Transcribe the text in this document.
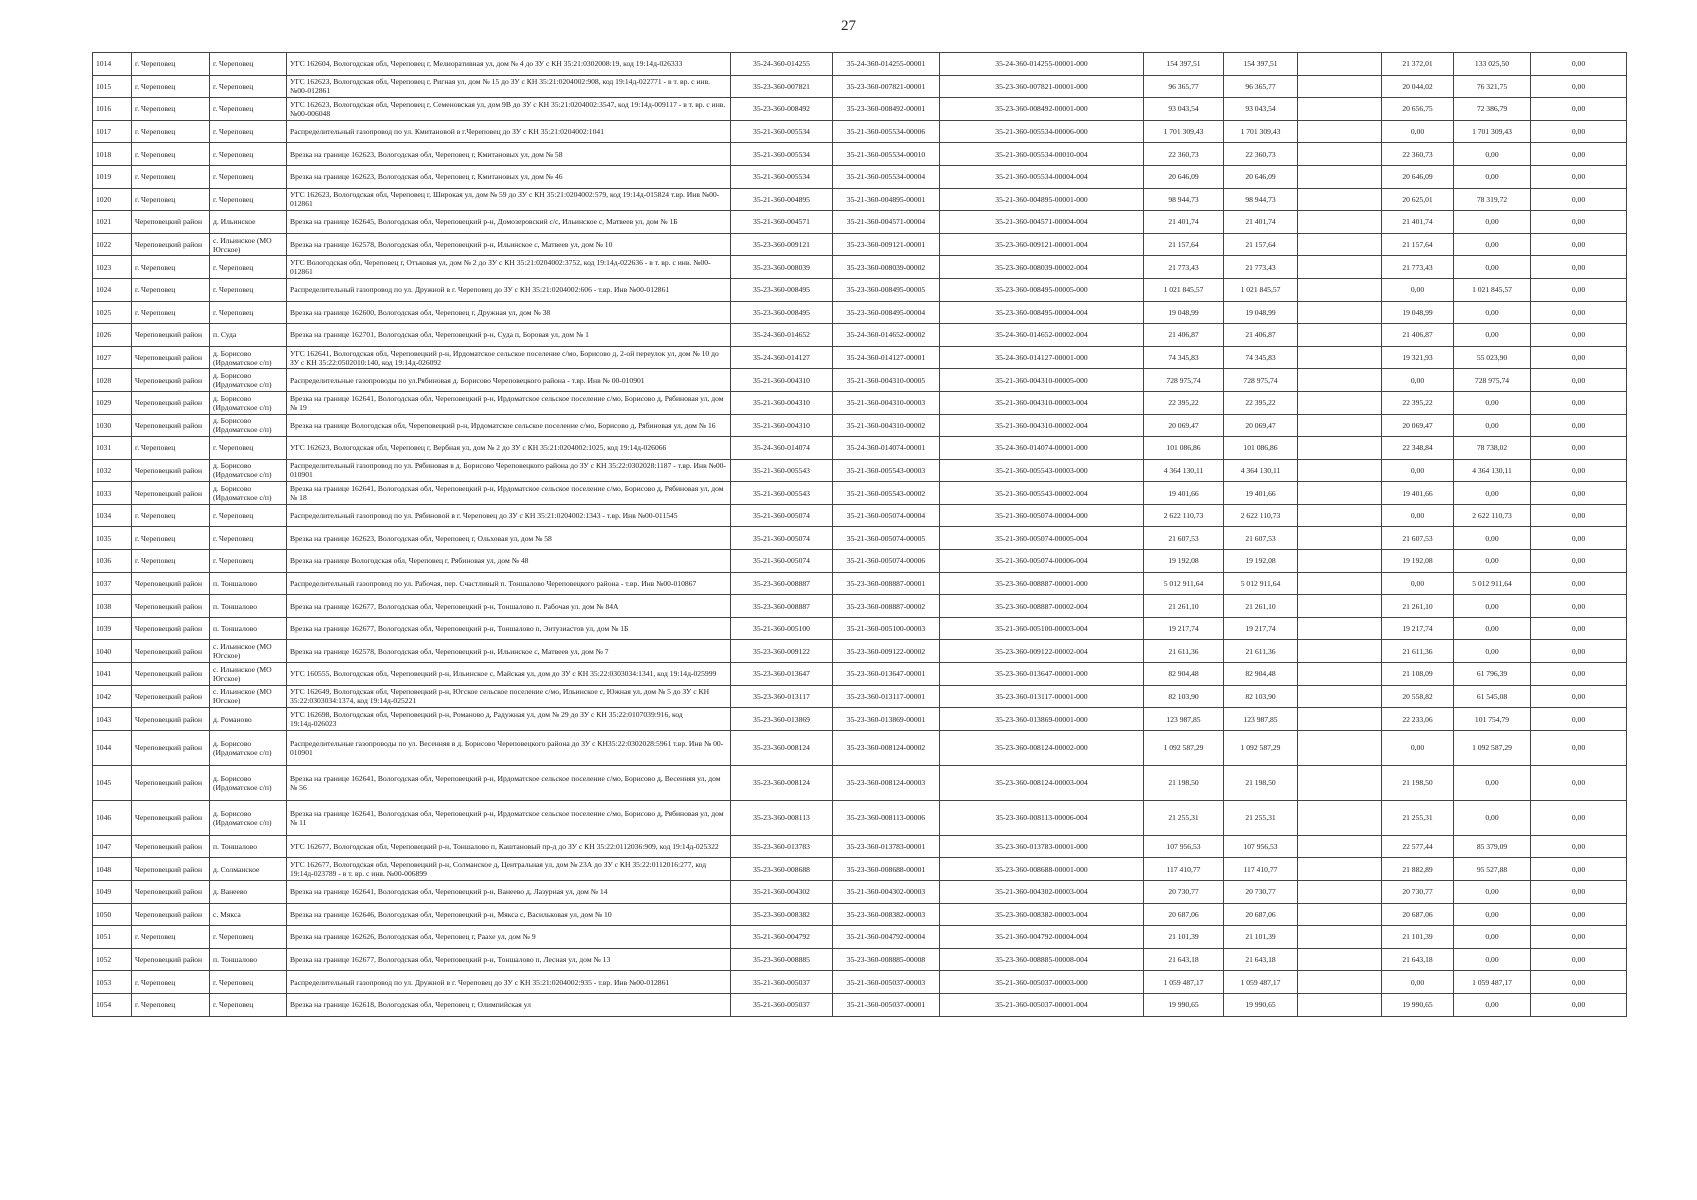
27
1014	г. Череповец	г. Череповец	УГС 162604, Вологодская обл, Череповец г, Мелиоративная ул, дом № 4 до ЗУ с КН 35:21:0302008:19, код 19:14д-026333	35-24-360-014255	35-24-360-014255-00001	35-24-360-014255-00001-000	154 397,51	154 397,51		21 372,01	133 025,50	0,00
1015	г. Череповец	г. Череповец	УГС 162623, Вологодская обл, Череповец г, Ригная ул, дом № 15 до ЗУ с КН 35:21:0204002:908, код 19:14д-022771 - в т. вр. с инв. №00-012861	35-23-360-007821	35-23-360-007821-00001	35-23-360-007821-00001-000	96 365,77	96 365,77		20 044,02	76 321,75	0,00
1016	г. Череповец	г. Череповец	УГС 162623, Вологодская обл, Череповец г, Семеновская ул, дом 9В до ЗУ с КН 35:21:0204002:3547, код 19:14д-009117 - в т. вр. с инв. №00-006048	35-23-360-008492	35-23-360-008492-00001	35-23-360-008492-00001-000	93 043,54	93 043,54		20 656,75	72 386,79	0,00
1017	г. Череповец	г. Череповец	Распределительный газопровод по ул. Кмитановой в г.Череповец до ЗУ с КН 35:21:0204002:1041	35-21-360-005534	35-21-360-005534-00006	35-21-360-005534-00006-000	1 701 309,43	1 701 309,43		0,00	1 701 309,43	0,00
1018	г. Череповец	г. Череповец	Врезка на границе 162623, Вологодская обл, Череповец г, Кмитановых ул, дом № 58	35-21-360-005534	35-21-360-005534-00010	35-21-360-005534-00010-004	22 360,73	22 360,73		22 360,73	0,00	0,00
1019	г. Череповец	г. Череповец	Врезка на границе 162623, Вологодская обл, Череповец г, Кмитановых ул, дом № 46	35-21-360-005534	35-21-360-005534-00004	35-21-360-005534-00004-004	20 646,09	20 646,09		20 646,09	0,00	0,00
1020	г. Череповец	г. Череповец	УГС 162623, Вологодская обл, Череповец г, Широкая ул, дом № 59 до ЗУ с КН 35:21:0204002:579, код 19:14д-015824 т.вр. Инв №00-012861	35-21-360-004895	35-21-360-004895-00001	35-21-360-004895-00001-000	98 944,73	98 944,73		20 625,01	78 319,72	0,00
1021	Череповецкий район	д. Ильинское	Врезка на границе 162645, Вологодская обл, Череповецкий р-н, Домозеровский с/с, Ильинское с, Матвеев ул, дом № 1Б	35-21-360-004571	35-21-360-004571-00004	35-21-360-004571-00004-004	21 401,74	21 401,74		21 401,74	0,00	0,00
1022	Череповецкий район	с. Ильинское (МО Югское)	Врезка на границе 162578, Вологодская обл, Череповецкий р-н, Ильинское с, Матвеев ул, дом № 10	35-23-360-009121	35-23-360-009121-00001	35-23-360-009121-00001-004	21 157,64	21 157,64		21 157,64	0,00	0,00
1023	г. Череповец	г. Череповец	УГС Вологодская обл, Череповец г, Отъковая ул, дом № 2 до ЗУ с КН 35:21:0204002:3752, код 19:14д-022636 - в т. вр. с инв. №00-012861	35-23-360-008039	35-23-360-008039-00002	35-23-360-008039-00002-004	21 773,43	21 773,43		21 773,43	0,00	0,00
1024	г. Череповец	г. Череповец	Распределительный газопровод по ул. Дружной в г. Череповец до ЗУ с КН 35:21:0204002:606 - т.вр. Инв №00-012861	35-23-360-008495	35-23-360-008495-00005	35-23-360-008495-00005-000	1 021 845,57	1 021 845,57		0,00	1 021 845,57	0,00
1025	г. Череповец	г. Череповец	Врезка на границе 162600, Вологодская обл, Череповец г, Дружная ул, дом № 38	35-23-360-008495	35-23-360-008495-00004	35-23-360-008495-00004-004	19 048,99	19 048,99		19 048,99	0,00	0,00
1026	Череповецкий район	п. Суда	Врезка на границе 162701, Вологодская обл, Череповецкий р-н, Суда п, Боровая ул, дом № 1	35-24-360-014652	35-24-360-014652-00002	35-24-360-014652-00002-004	21 406,87	21 406,87		21 406,87	0,00	0,00
1027	Череповецкий район	д. Борисово (Ирдоматское с/п)	УГС 162641, Вологодская обл, Череповецкий р-н, Ирдоматское сельское поселение с/мо, Борисово д, 2-ой переулок ул, дом № 10 до ЗУ с КН 35:22:0502010:140, код 19:14д-026092	35-24-360-014127	35-24-360-014127-00001	35-24-360-014127-00001-000	74 345,83	74 345,83		19 321,93	55 023,90	0,00
1028	Череповецкий район	д. Борисово (Ирдоматское с/п)	Распределительные газопроводы по ул.Рябиновая д. Борисово Череповецкого района - т.вр. Инв № 00-010901	35-21-360-004310	35-21-360-004310-00005	35-21-360-004310-00005-000	728 975,74	728 975,74		0,00	728 975,74	0,00
1029	Череповецкий район	д. Борисово (Ирдоматское с/п)	Врезка на границе 162641, Вологодская обл, Череповецкий р-н, Ирдоматское сельское поселение с/мо, Борисово д, Рябиновая ул, дом № 19	35-21-360-004310	35-21-360-004310-00003	35-21-360-004310-00003-004	22 395,22	22 395,22		22 395,22	0,00	0,00
1030	Череповецкий район	д. Борисово (Ирдоматское с/п)	Врезка на границе Вологодская обл, Череповецкий р-н, Ирдоматское сельское поселение с/мо, Борисово д, Рябиновая ул, дом № 16	35-21-360-004310	35-21-360-004310-00002	35-21-360-004310-00002-004	20 069,47	20 069,47		20 069,47	0,00	0,00
1031	г. Череповец	г. Череповец	УГС 162623, Вологодская обл, Череповец г, Вербная ул, дом № 2 до ЗУ с КН 35:21:0204002:1025, код 19:14д-026066	35-24-360-014074	35-24-360-014074-00001	35-24-360-014074-00001-000	101 086,86	101 086,86		22 348,84	78 738,02	0,00
1032	Череповецкий район	д. Борисово (Ирдоматское с/п)	Распределительный газопровод по ул. Рябиновая в д. Борисово Череповецкого района до ЗУ с КН 35:22:0302028:1187 - т.вр. Инв №00-010901	35-21-360-005543	35-21-360-005543-00003	35-21-360-005543-00003-000	4 364 130,11	4 364 130,11		0,00	4 364 130,11	0,00
1033	Череповецкий район	д. Борисово (Ирдоматское с/п)	Врезка на границе 162641, Вологодская обл, Череповецкий р-н, Ирдоматское сельское поселение с/мо, Борисово д, Рябиновая ул, дом № 18	35-21-360-005543	35-21-360-005543-00002	35-21-360-005543-00002-004	19 401,66	19 401,66		19 401,66	0,00	0,00
1034	г. Череповец	г. Череповец	Распределительный газопровод по ул. Рябиновой в г. Череповец до ЗУ с КН 35:21:0204002:1343 - т.вр. Инв №00-011545	35-21-360-005074	35-21-360-005074-00004	35-21-360-005074-00004-000	2 622 110,73	2 622 110,73		0,00	2 622 110,73	0,00
1035	г. Череповец	г. Череповец	Врезка на границе 162623, Вологодская обл, Череповец г, Ольховая ул, дом № 58	35-21-360-005074	35-21-360-005074-00005	35-21-360-005074-00005-004	21 607,53	21 607,53		21 607,53	0,00	0,00
1036	г. Череповец	г. Череповец	Врезка на границе Вологодская обл, Череповец г, Рябиновая ул, дом № 48	35-21-360-005074	35-21-360-005074-00006	35-21-360-005074-00006-004	19 192,08	19 192,08		19 192,08	0,00	0,00
1037	Череповецкий район	п. Тоншалово	Распределительный газопровод по ул. Рабочая, пер. Счастливый п. Тоншалово Череповецкого района - т.вр. Инв №00-010867	35-23-360-008887	35-23-360-008887-00001	35-23-360-008887-00001-000	5 012 911,64	5 012 911,64		0,00	5 012 911,64	0,00
1038	Череповецкий район	п. Тоншалово	Врезка на границе 162677, Вологодская обл, Череповецкий р-н, Тоншалово п. Рабочая ул. дом № 84А	35-23-360-008887	35-23-360-008887-00002	35-23-360-008887-00002-004	21 261,10	21 261,10		21 261,10	0,00	0,00
1039	Череповецкий район	п. Тоншалово	Врезка на границе 162677, Вологодская обл, Череповецкий р-н, Тоншалово п, Энтузиастов ул, дом № 1Б	35-21-360-005100	35-21-360-005100-00003	35-21-360-005100-00003-004	19 217,74	19 217,74		19 217,74	0,00	0,00
1040	Череповецкий район	с. Ильинское (МО Югское)	Врезка на границе 162578, Вологодская обл, Череповецкий р-н, Ильинское с, Матвеев ул, дом № 7	35-23-360-009122	35-23-360-009122-00002	35-23-360-009122-00002-004	21 611,36	21 611,36		21 611,36	0,00	0,00
1041	Череповецкий район	с. Ильинское (МО Югское)	УГС 160555, Вологодская обл, Череповецкий р-н, Ильинское с, Майская ул, дом до ЗУ с КН 35:22:0303034:1341, код 19:14д-025999	35-23-360-013647	35-23-360-013647-00001	35-23-360-013647-00001-000	82 904,48	82 904,48		21 108,09	61 796,39	0,00
1042	Череповецкий район	с. Ильинское (МО Югское)	УГС 162649, Вологодская обл, Череповецкий р-н, Югское сельское поселение с/мо, Ильинское с, Южная ул, дом № 5 до ЗУ с КН 35:22:0303034:1374, код 19:14д-025221	35-23-360-013117	35-23-360-013117-00001	35-23-360-013117-00001-000	82 103,90	82 103,90		20 558,82	61 545,08	0,00
1043	Череповецкий район	д. Романово	УГС 162698, Вологодская обл, Череповецкий р-н, Романово д, Радужная ул, дом № 29 до ЗУ с КН 35:22:0107039:916, код 19:14д-026023	35-23-360-013869	35-23-360-013869-00001	35-23-360-013869-00001-000	123 987,85	123 987,85		22 233,06	101 754,79	0,00
1044	Череповецкий район	д. Борисово (Ирдоматское с/п)	Распределительные газопроводы по ул. Весенняя в д. Борисово Череповецкого района до ЗУ с КН35:22:0302028:5961 т.вр. Инв № 00-010901	35-23-360-008124	35-23-360-008124-00002	35-23-360-008124-00002-000	1 092 587,29	1 092 587,29		0,00	1 092 587,29	0,00
1045	Череповецкий район	д. Борисово (Ирдоматское с/п)	Врезка на границе 162641, Вологодская обл, Череповецкий р-н, Ирдоматское сельское поселение с/мо, Борисово д, Весенняя ул, дом № 56	35-23-360-008124	35-23-360-008124-00003	35-23-360-008124-00003-004	21 198,50	21 198,50		21 198,50	0,00	0,00
1046	Череповецкий район	д. Борисово (Ирдоматское с/п)	Врезка на границе 162641, Вологодская обл, Череповецкий р-н, Ирдоматское сельское поселение с/мо, Борисово д, Рябиновая ул, дом № 11	35-23-360-008113	35-23-360-008113-00006	35-23-360-008113-00006-004	21 255,31	21 255,31		21 255,31	0,00	0,00
1047	Череповецкий район	п. Тоншалово	УГС 162677, Вологодская обл, Череповецкий р-н, Тоншалово п, Каштановый пр-д до ЗУ с КН 35:22:0112036:909, код 19:14д-025322	35-23-360-013783	35-23-360-013783-00001	35-23-360-013783-00001-000	107 956,53	107 956,53		22 577,44	85 379,09	0,00
1048	Череповецкий район	д. Солманское	УГС 162677, Вологодская обл, Череповецкий р-н, Солманское д, Центральная ул, дом № 23А до ЗУ с КН 35:22:0112016:277, код 19:14д-023789 - в т. вр. с инв. №00-006899	35-23-360-008688	35-23-360-008688-00001	35-23-360-008688-00001-000	117 410,77	117 410,77		21 882,89	95 527,88	0,00
1049	Череповецкий район	д. Ванеево	Врезка на границе 162641, Вологодская обл, Череповецкий р-н, Ванеево д, Лазурная ул, дом № 14	35-21-360-004302	35-21-360-004302-00003	35-21-360-004302-00003-004	20 730,77	20 730,77		20 730,77	0,00	0,00
1050	Череповецкий район	с. Мякса	Врезка на границе 162646, Вологодская обл, Череповецкий р-н, Мякса с, Васильковая ул, дом № 10	35-23-360-008382	35-23-360-008382-00003	35-23-360-008382-00003-004	20 687,06	20 687,06		20 687,06	0,00	0,00
1051	г. Череповец	г. Череповец	Врезка на границе 162626, Вологодская обл, Череповец г, Раахе ул, дом № 9	35-21-360-004792	35-21-360-004792-00004	35-21-360-004792-00004-004	21 101,39	21 101,39		21 101,39	0,00	0,00
1052	Череповецкий район	п. Тоншалово	Врезка на границе 162677, Вологодская обл, Череповецкий р-н, Тоншалово п, Лесная ул, дом № 13	35-23-360-008885	35-23-360-008885-00008	35-23-360-008885-00008-004	21 643,18	21 643,18		21 643,18	0,00	0,00
1053	г. Череповец	г. Череповец	Распределительный газопровод по ул. Дружной в г. Череповец до ЗУ с КН 35:21:0204002:935 - т.вр. Инв №00-012861	35-21-360-005037	35-21-360-005037-00003	35-21-360-005037-00003-000	1 059 487,17	1 059 487,17		0,00	1 059 487,17	0,00
1054	г. Череповец	г. Череповец	Врезка на границе 162618, Вологодская обл, Череповец г, Олимпийская ул	35-21-360-005037	35-21-360-005037-00001	35-21-360-005037-00001-004	19 990,65	19 990,65		19 990,65	0,00	0,00
